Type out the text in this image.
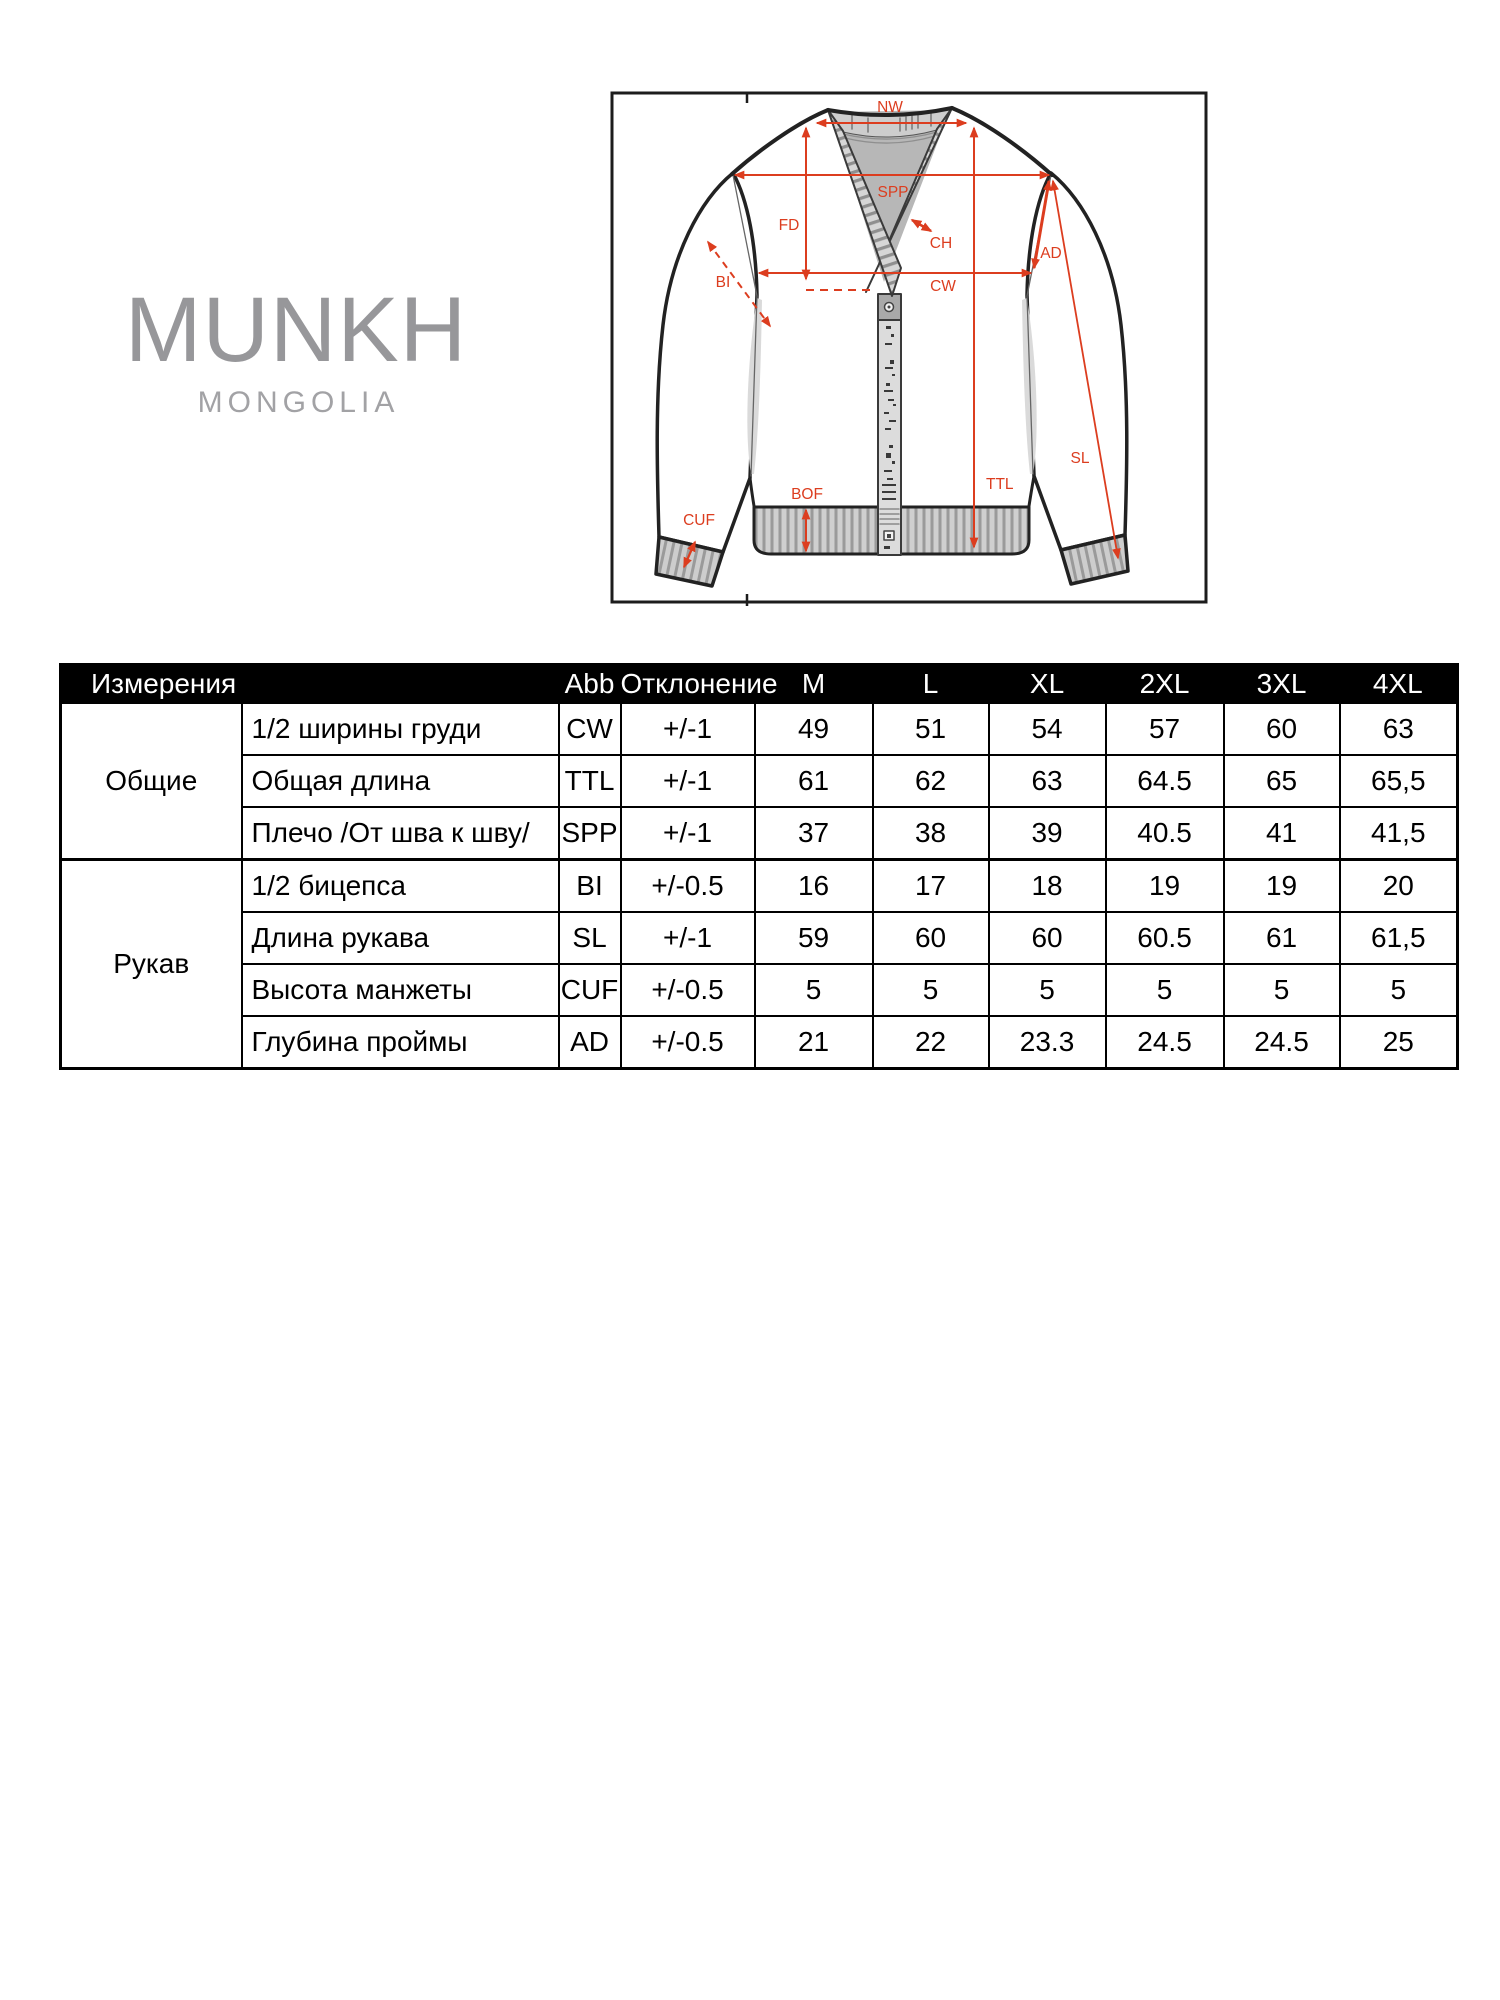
MUNKH
MONGOLIA
NW
SPP
FD
CH
BI	CW
AD
SL
TTL
BOF
CUF
Измерения		Abb	Отклонение	M	L	XL	2XL	3XL	4XL
Общие	1/2 ширины груди	CW	+/-1	49	51	54	57	60	63
	Общая длина	TTL	+/-1	61	62	63	64.5	65	65,5
	Плечо /От шва к шву/	SPP	+/-1	37	38	39	40.5	41	41,5
Рукав	1/2 бицепса	BI	+/-0.5	16	17	18	19	19	20
	Длина рукава	SL	+/-1	59	60	60	60.5	61	61,5
	Высота манжеты	CUF	+/-0.5	5	5	5	5	5	5
	Глубина проймы	AD	+/-0.5	21	22	23.3	24.5	24.5	25
